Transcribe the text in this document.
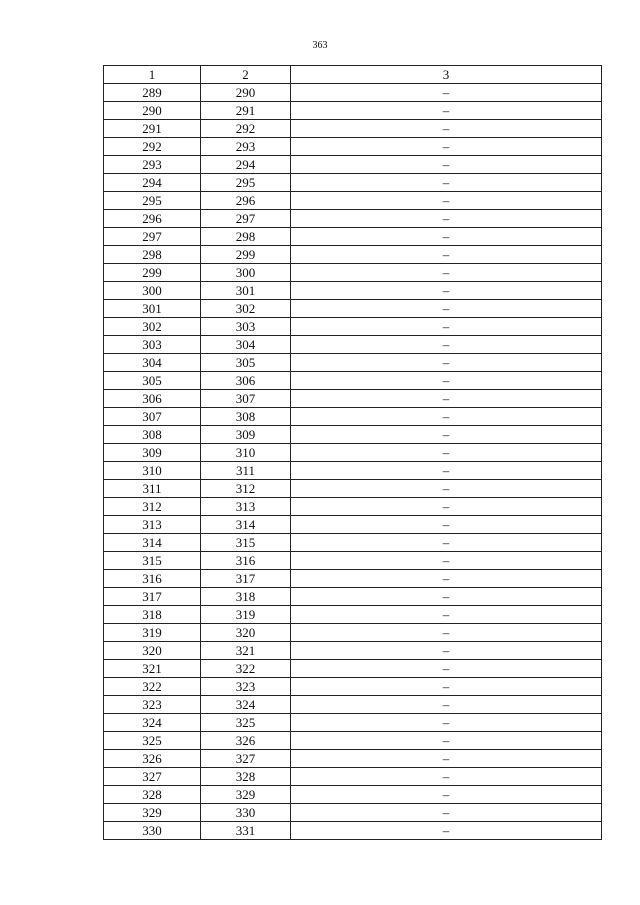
363
1	2	3
289	290	–
290	291	–
291	292	–
292	293	–
293	294	–
294	295	–
295	296	–
296	297	–
297	298	–
298	299	–
299	300	–
300	301	–
301	302	–
302	303	–
303	304	–
304	305	–
305	306	–
306	307	–
307	308	–
308	309	–
309	310	–
310	311	–
311	312	–
312	313	–
313	314	–
314	315	–
315	316	–
316	317	–
317	318	–
318	319	–
319	320	–
320	321	–
321	322	–
322	323	–
323	324	–
324	325	–
325	326	–
326	327	–
327	328	–
328	329	–
329	330	–
330	331	–
